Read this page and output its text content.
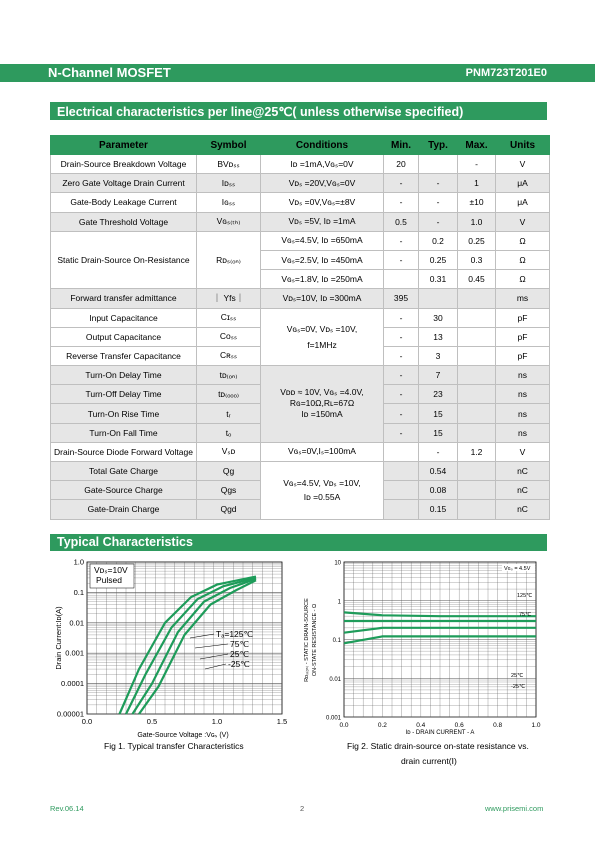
N-Channel MOSFET	PNM723T201E0
Electrical characteristics per line@25℃( unless otherwise specified)
Parameter	Symbol	Conditions	Min.	Typ.	Max.	Units
Drain-Source Breakdown Voltage	BVᴅₛₛ	Iᴅ =1mA,Vɢₛ=0V	20		-	V
Zero Gate Voltage Drain Current	Iᴅₛₛ	Vᴅₛ =20V,Vɢₛ=0V	-	-	1	μA
Gate-Body Leakage Current	Iɢₛₛ	Vᴅₛ =0V,Vɢₛ=±8V	-	-	±10	μA
Gate Threshold Voltage	Vɢₛ₍ₜₕ₎	Vᴅₛ =5V, Iᴅ =1mA	0.5	-	1.0	V
Static Drain-Source On-Resistance	Rᴅₛ₍ₒₙ₎	Vɢₛ=4.5V, Iᴅ =650mA	-	0.2	0.25	Ω
		Vɢₛ=2.5V, Iᴅ =450mA	-	0.25	0.3	Ω
		Vɢₛ=1.8V, Iᴅ =250mA		0.31	0.45	Ω
Forward transfer admittance	｜ Yfs｜	Vᴅₛ=10V, Iᴅ =300mA	395			ms
Input Capacitance	Cɪₛₛ	Vɢₛ=0V, Vᴅₛ =10V,
f=1MHz	-	30		pF
Output Capacitance	Cᴏₛₛ		-	13		pF
Reverse Transfer Capacitance	Cʀₛₛ		-	3		pF
Turn-On Delay Time	tᴅ₍ₒₙ₎	Vᴅᴅ ≈ 10V, Vɢₛ =4.0V,
Rɢ=10Ω,Rʟ=67Ω
Iᴅ =150mA	-	7		ns
Turn-Off Delay Time	tᴅ₍ₒₒₒ₎		-	23		ns
Turn-On Rise Time	tᵣ		-	15		ns
Turn-On Fall Time	tₒ		-	15		ns
Drain-Source Diode Forward Voltage	Vₛᴅ	Vɢₛ=0V,Iₛ=100mA		-	1.2	V
Total Gate Charge	Qg	Vɢₛ=4.5V, Vᴅₛ =10V,
Iᴅ =0.55A		0.54		nC
Gate-Source Charge	Qgs			0.08		nC
Gate-Drain Charge	Qgd			0.15		nC
Typical Characteristics
1.0
0.1
0.01
0.001
0.0001
0.00001
0.0	0.5	1.0	1.5
Vᴅₛ=10V
Pulsed
Tₐ=125℃
75℃
25℃
-25℃
Gate-Source Voltage :Vɢₛ (V)
Drain Current:Iᴅ(A)
Fig 1. Typical transfer Characteristics
10
1
0.1
0.01
0.001
0.0	0.2	0.4	0.6	0.8	1.0
Vɢₛ = 4.5V
125℃
75℃
25℃
-25℃
Iᴅ - DRAIN CURRENT - A
Rᴅₛ₍ₒₙ₎ - STATIC DRAIN-SOURCE ON-STATE RESISTANCE - Ω
Fig 2. Static drain-source on-state resistance vs.
drain current(Ⅰ)
Rev.06.14	2	www.prisemi.com
